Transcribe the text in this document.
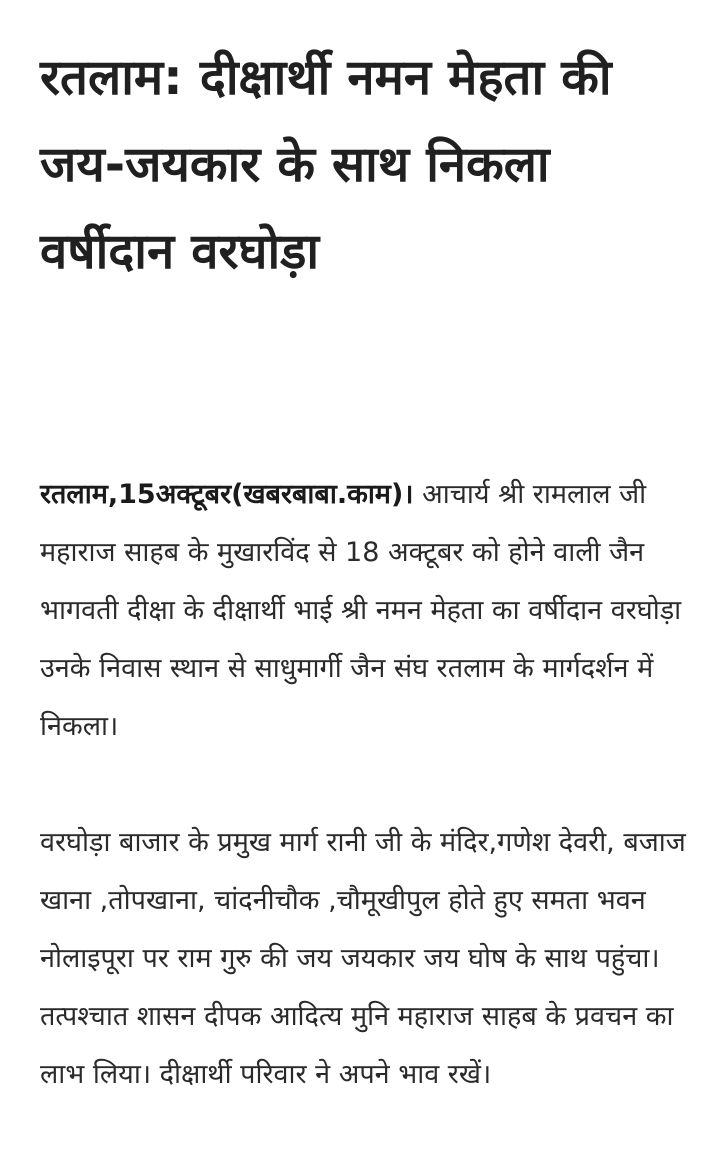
रतलाम: दीक्षार्थी नमन मेहता की जय-जयकार के साथ निकला वर्षीदान वरघोड़ा

रतलाम,15अक्टूबर(खबरबाबा.काम)। आचार्य श्री रामलाल जी महाराज साहब के मुखारविंद से 18 अक्टूबर को होने वाली जैन भागवती दीक्षा के दीक्षार्थी भाई श्री नमन मेहता का वर्षीदान वरघोड़ा उनके निवास स्थान से साधुमार्गी जैन संघ रतलाम के मार्गदर्शन में निकला।

वरघोड़ा बाजार के प्रमुख मार्ग रानी जी के मंदिर,गणेश देवरी, बजाज खाना ,तोपखाना, चांदनीचौक ,चौमूखीपुल होते हुए समता भवन नोलाइपूरा पर राम गुरु की जय जयकार जय घोष के साथ पहुंचा। तत्पश्चात शासन दीपक आदित्य मुनि महाराज साहब के प्रवचन का लाभ लिया। दीक्षार्थी परिवार ने अपने भाव रखें।
